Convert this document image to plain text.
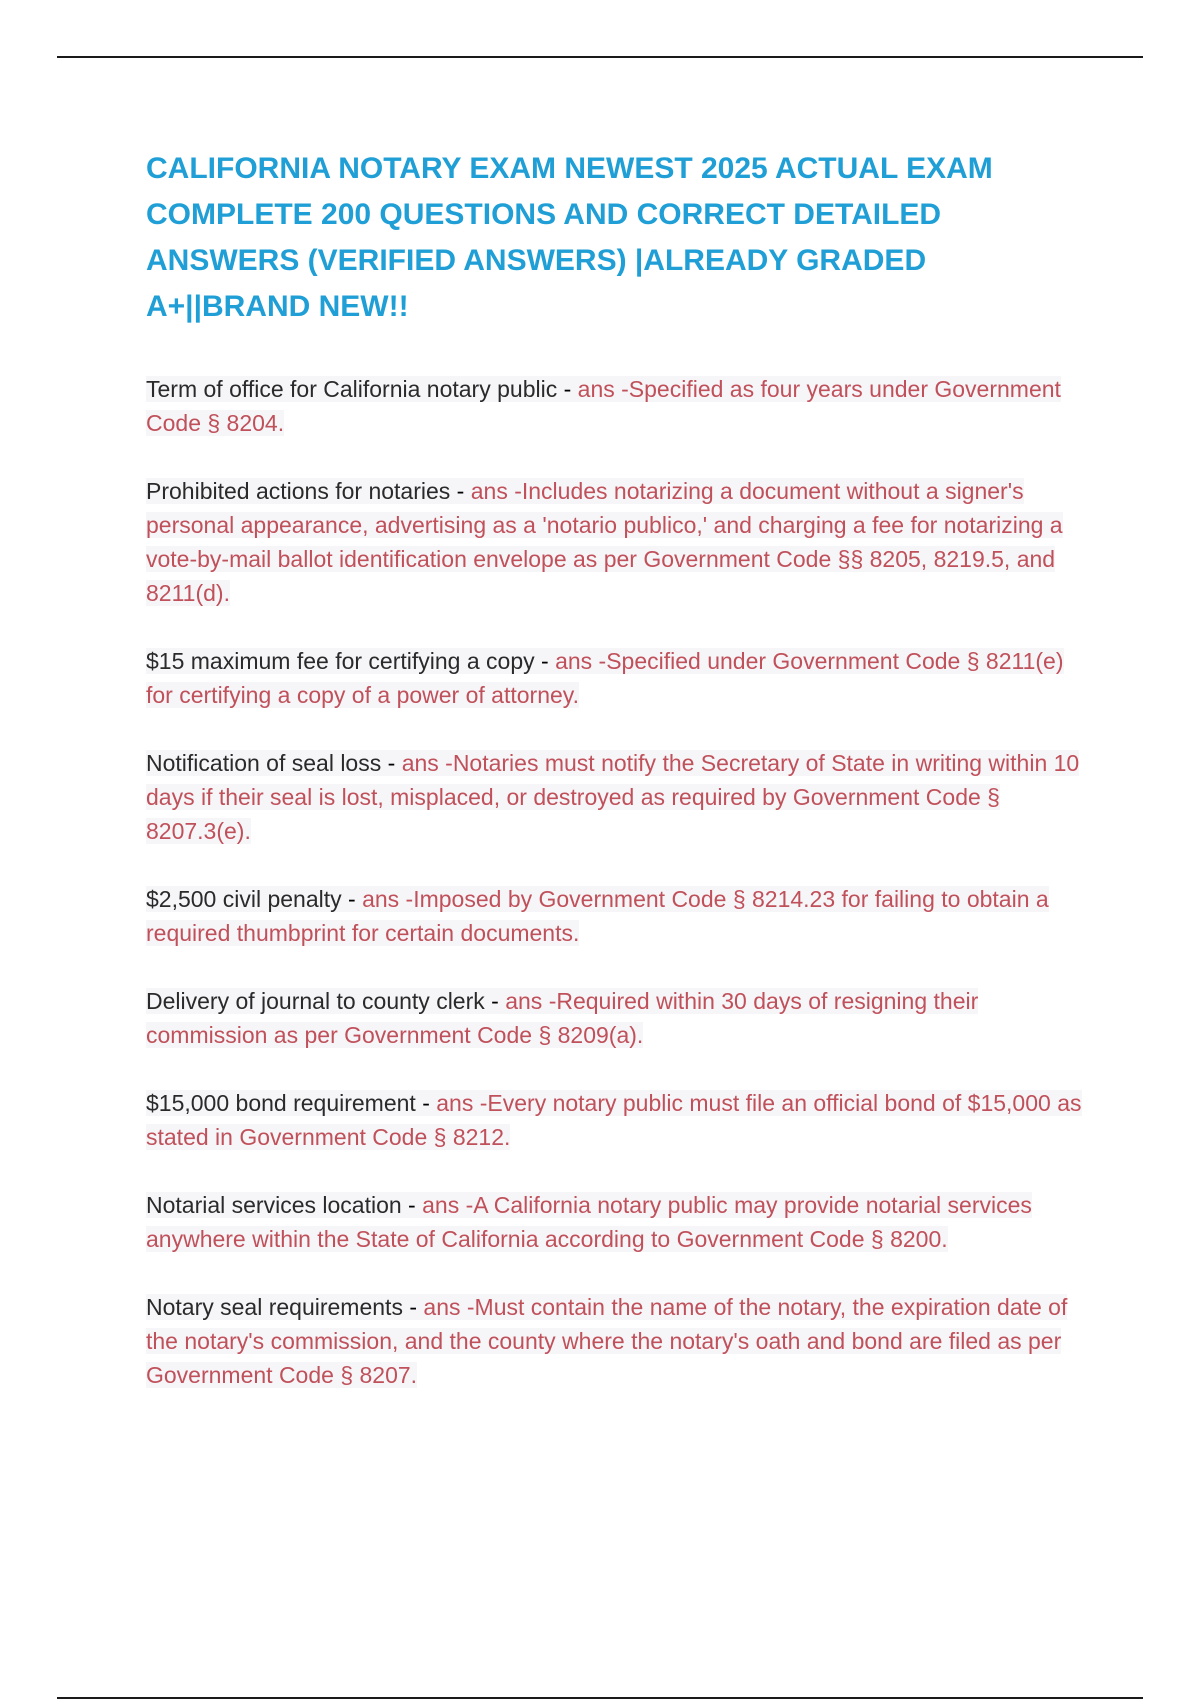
CALIFORNIA NOTARY EXAM NEWEST 2025 ACTUAL EXAM COMPLETE 200 QUESTIONS AND CORRECT DETAILED ANSWERS (VERIFIED ANSWERS) |ALREADY GRADED A+||BRAND NEW!!

Term of office for California notary public - ans -Specified as four years under Government Code § 8204.

Prohibited actions for notaries - ans -Includes notarizing a document without a signer's personal appearance, advertising as a 'notario publico,' and charging a fee for notarizing a vote-by-mail ballot identification envelope as per Government Code §§ 8205, 8219.5, and 8211(d).

$15 maximum fee for certifying a copy - ans -Specified under Government Code § 8211(e) for certifying a copy of a power of attorney.

Notification of seal loss - ans -Notaries must notify the Secretary of State in writing within 10 days if their seal is lost, misplaced, or destroyed as required by Government Code § 8207.3(e).

$2,500 civil penalty - ans -Imposed by Government Code § 8214.23 for failing to obtain a required thumbprint for certain documents.

Delivery of journal to county clerk - ans -Required within 30 days of resigning their commission as per Government Code § 8209(a).

$15,000 bond requirement - ans -Every notary public must file an official bond of $15,000 as stated in Government Code § 8212.

Notarial services location - ans -A California notary public may provide notarial services anywhere within the State of California according to Government Code § 8200.

Notary seal requirements - ans -Must contain the name of the notary, the expiration date of the notary's commission, and the county where the notary's oath and bond are filed as per Government Code § 8207.
